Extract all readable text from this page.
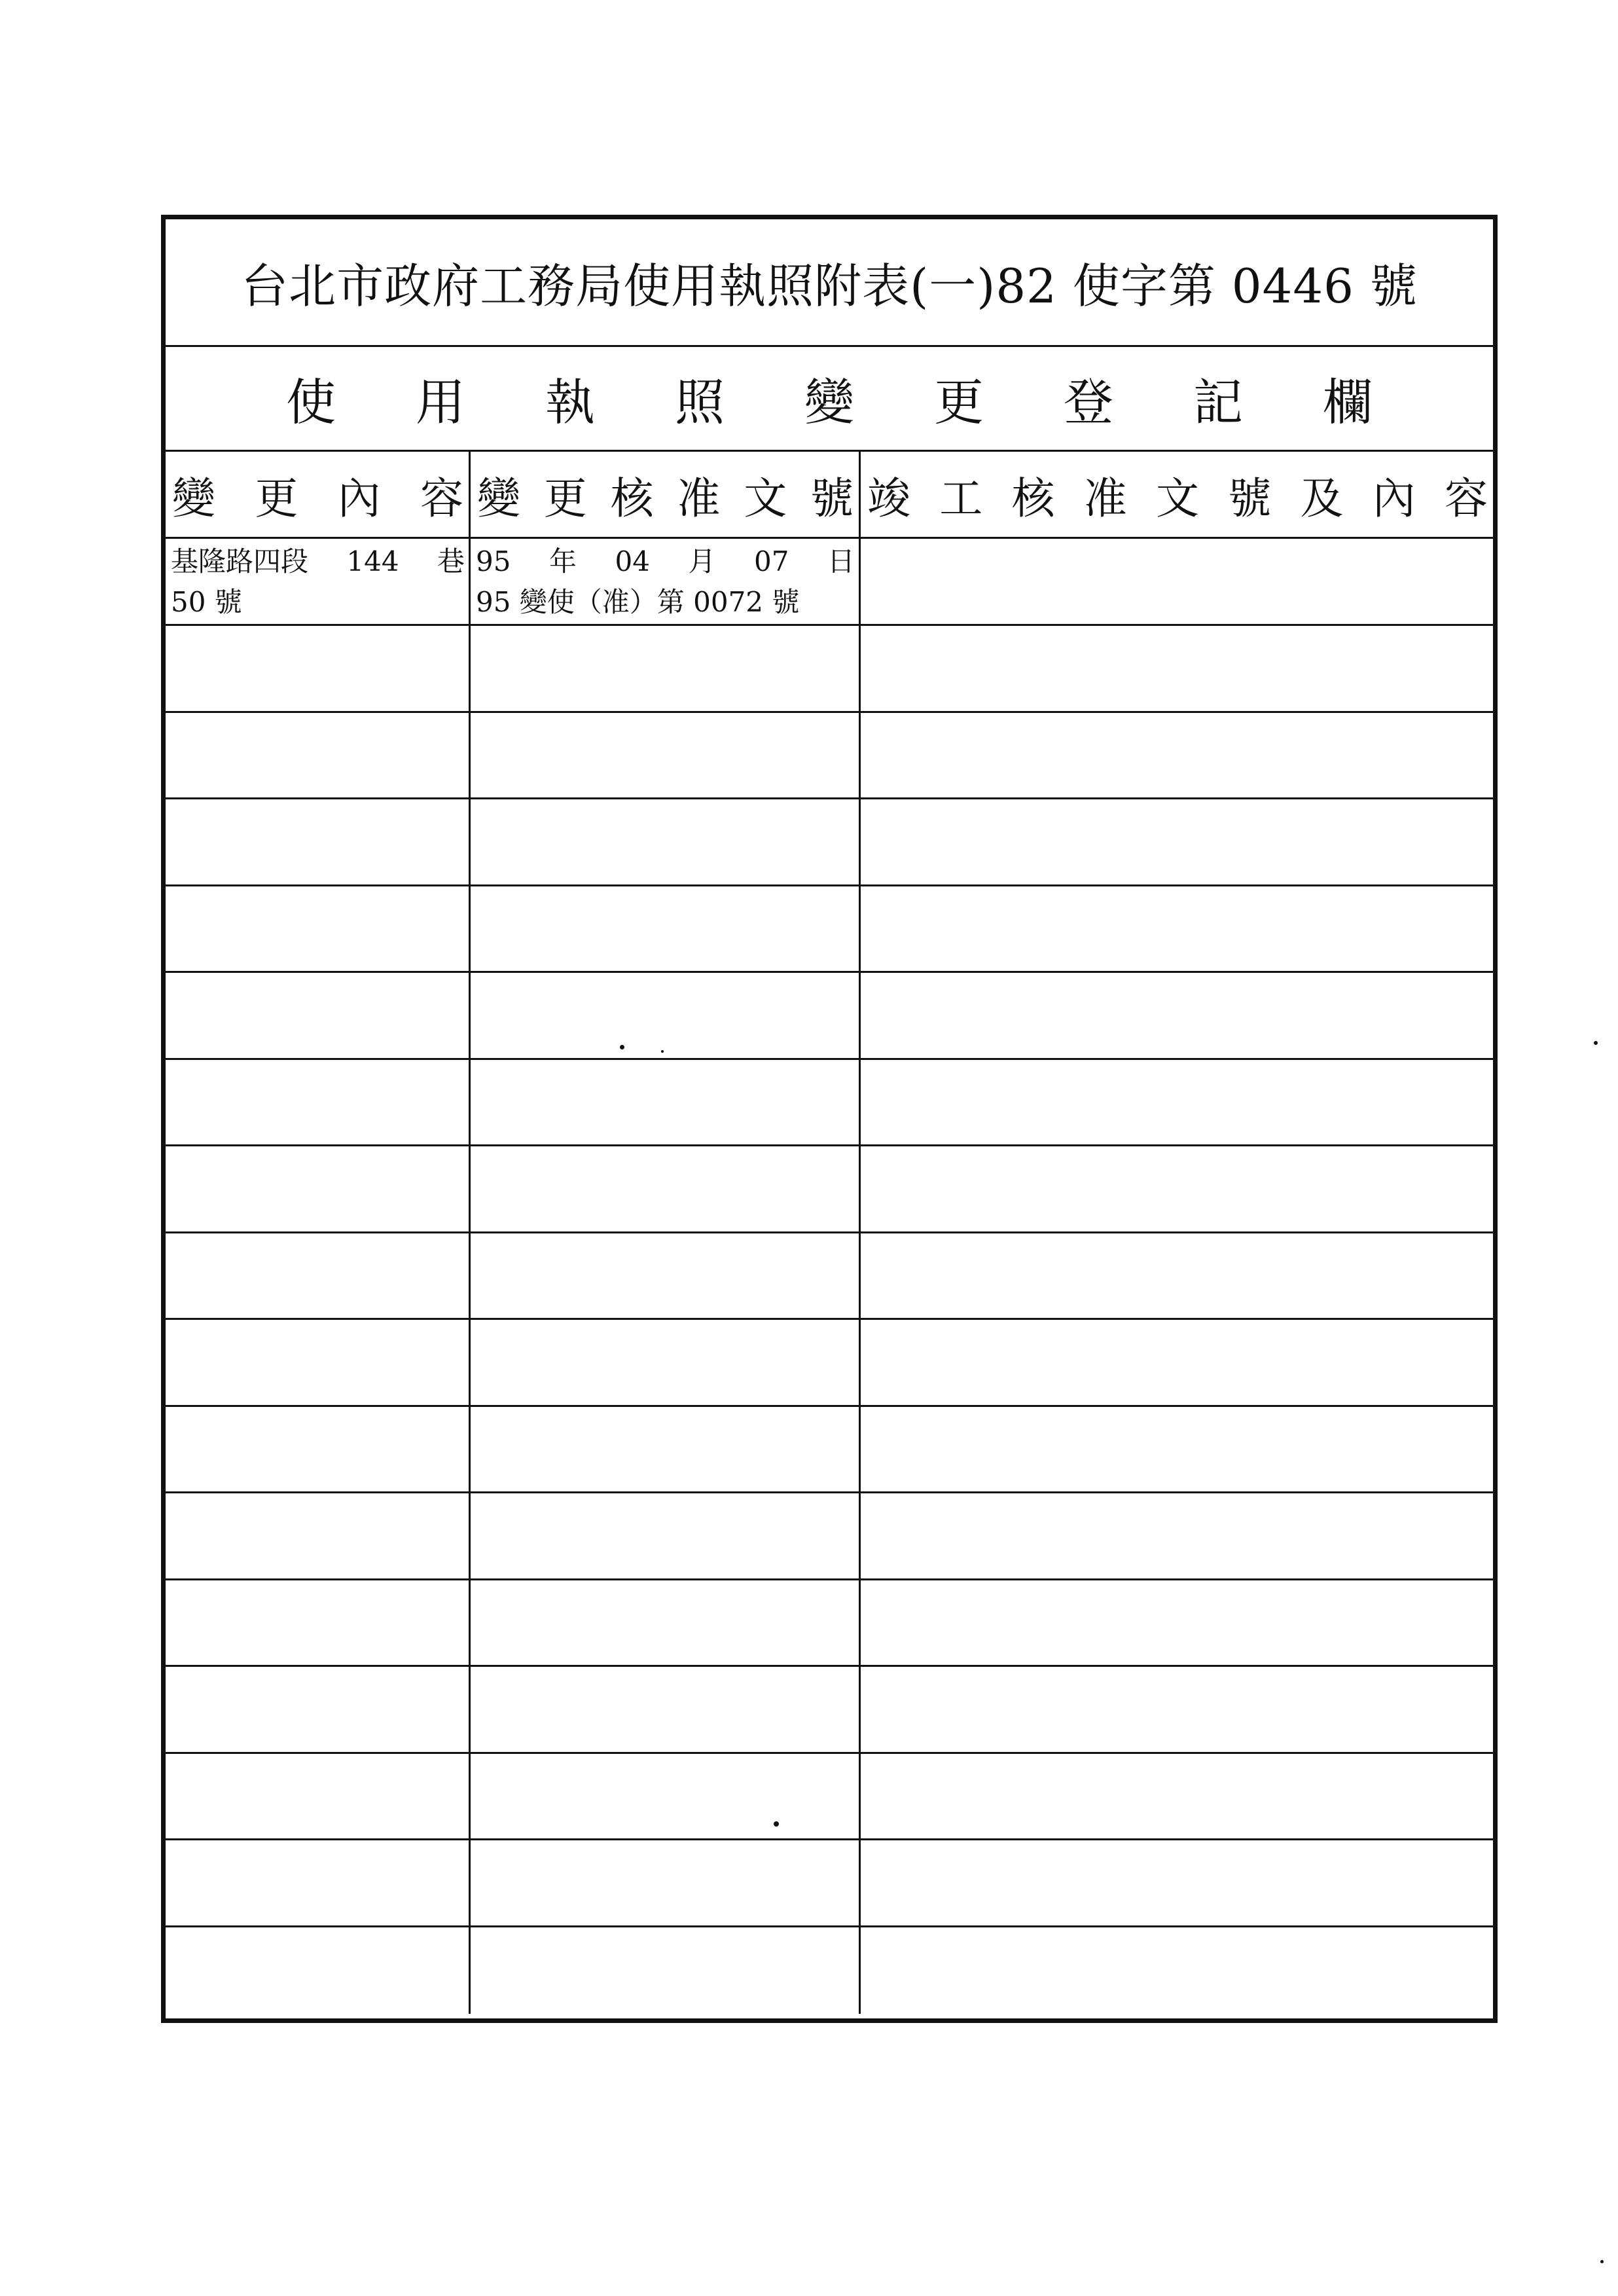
台北市政府工務局使用執照附表(一)82 使字第 0446 號
使用執照變更登記欄
變 更 內 容 變 更 核 准 文 號 竣 工 核 准 文 號 及 內 容
基隆路四段 144 巷
50 號
95 年 04 月 07 日
95 變使（准）第 0072 號
